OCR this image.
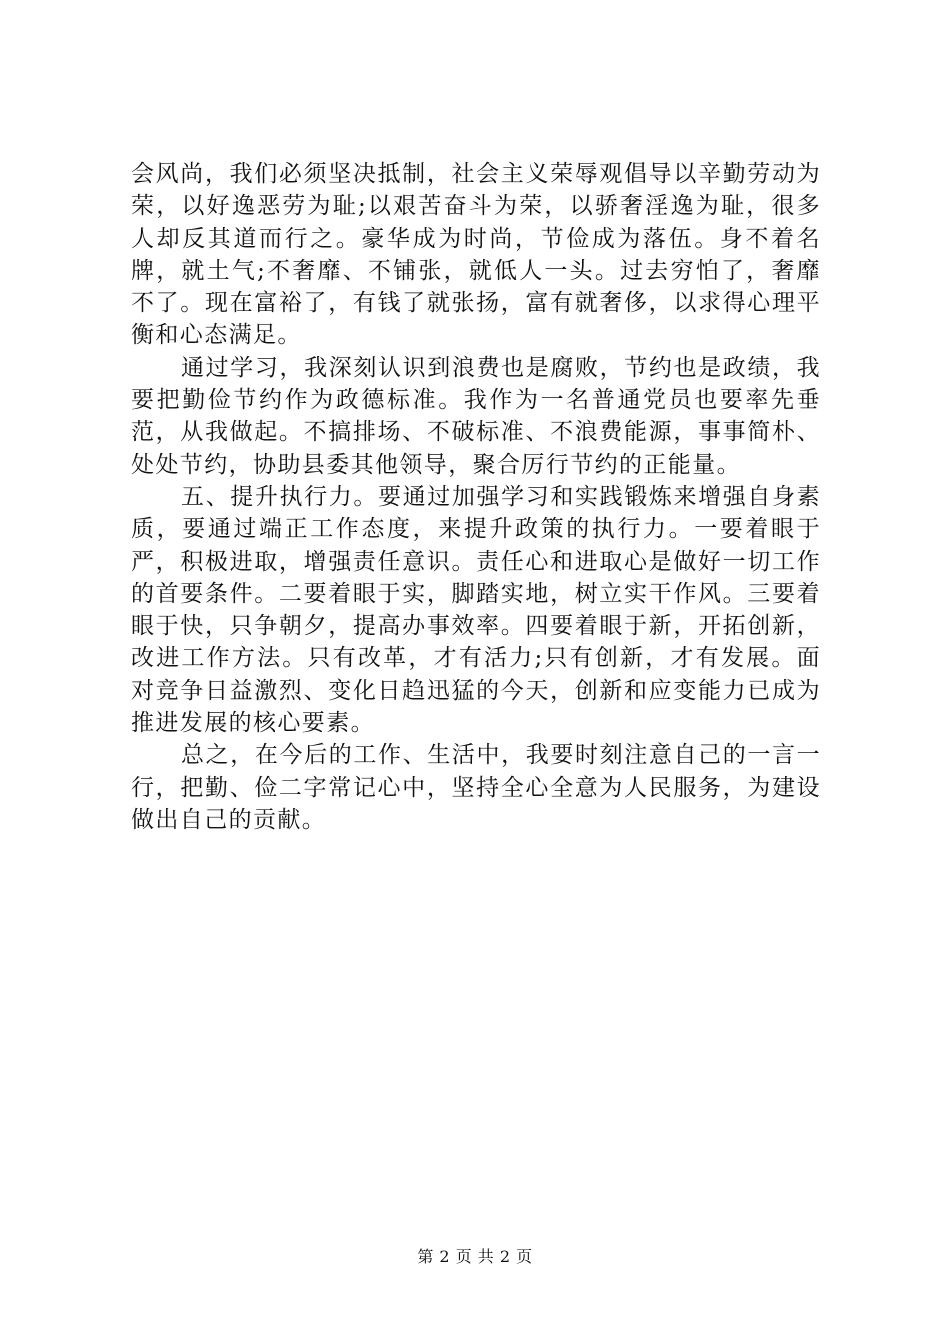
会风尚，我们必须坚决抵制，社会主义荣辱观倡导以辛勤劳动为荣，以好逸恶劳为耻;以艰苦奋斗为荣，以骄奢淫逸为耻，很多人却反其道而行之。豪华成为时尚，节俭成为落伍。身不着名牌，就土气;不奢靡、不铺张，就低人一头。过去穷怕了，奢靡不了。现在富裕了，有钱了就张扬，富有就奢侈，以求得心理平衡和心态满足。

通过学习，我深刻认识到浪费也是腐败，节约也是政绩，我要把勤俭节约作为政德标准。我作为一名普通党员也要率先垂范，从我做起。不搞排场、不破标准、不浪费能源，事事简朴、处处节约，协助县委其他领导，聚合厉行节约的正能量。

五、提升执行力。要通过加强学习和实践锻炼来增强自身素质，要通过端正工作态度，来提升政策的执行力。一要着眼于严，积极进取，增强责任意识。责任心和进取心是做好一切工作的首要条件。二要着眼于实，脚踏实地，树立实干作风。三要着眼于快，只争朝夕，提高办事效率。四要着眼于新，开拓创新，改进工作方法。只有改革，才有活力;只有创新，才有发展。面对竞争日益激烈、变化日趋迅猛的今天，创新和应变能力已成为推进发展的核心要素。

总之，在今后的工作、生活中，我要时刻注意自己的一言一行，把勤、俭二字常记心中，坚持全心全意为人民服务，为建设做出自己的贡献。

第 2 页 共 2 页
